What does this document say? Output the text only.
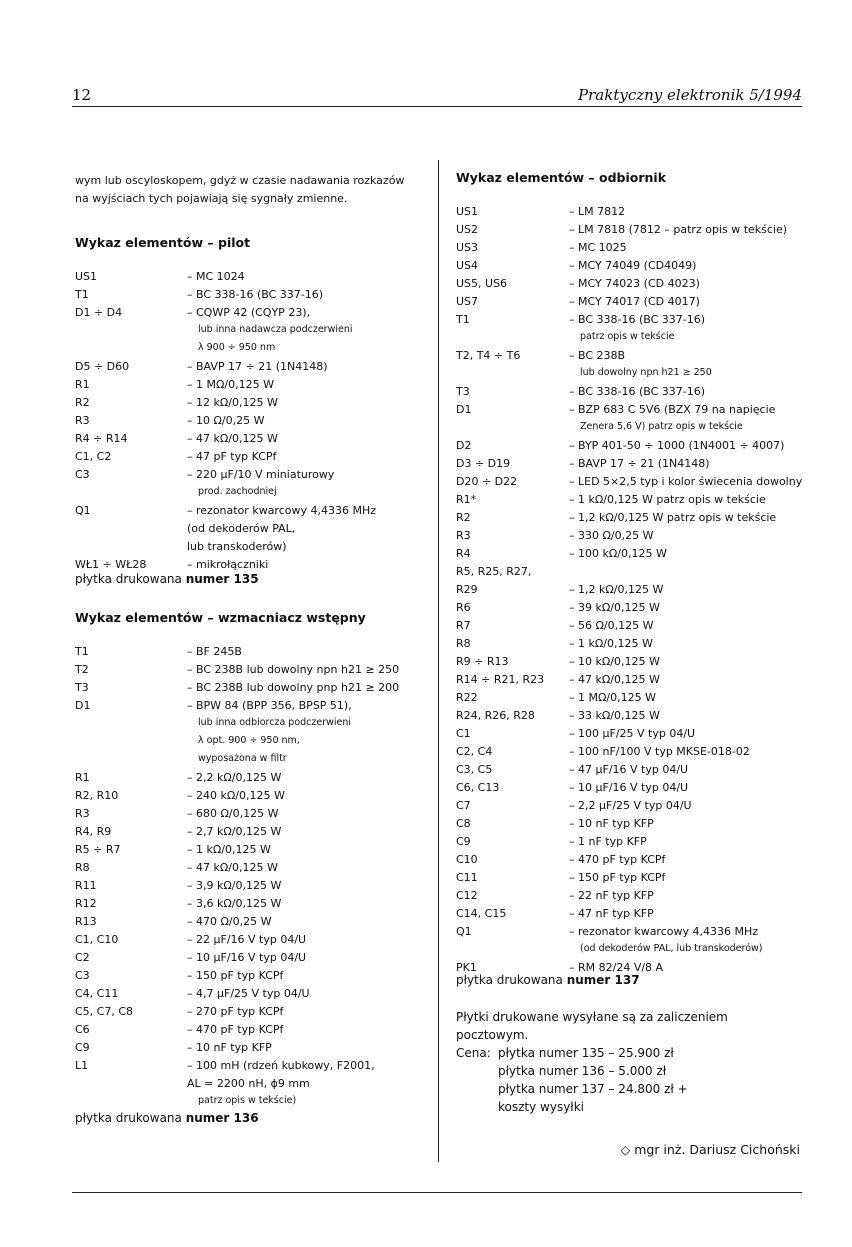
12	Praktyczny elektronik 5/1994
wym lub oscyloskopem, gdyż w czasie nadawania rozkazów na wyjściach tych pojawiają się sygnały zmienne.
Wykaz elementów – pilot
US1	– MC 1024
T1	– BC 338-16 (BC 337-16)
D1 ÷ D4	– CQWP 42 (CQYP 23),
lub inna nadawcza podczerwieni
λ 900 ÷ 950 nm
D5 ÷ D60	– BAVP 17 ÷ 21 (1N4148)
R1	– 1 MΩ/0,125 W
R2	– 12 kΩ/0,125 W
R3	– 10 Ω/0,25 W
R4 ÷ R14	– 47 kΩ/0,125 W
C1, C2	– 47 pF typ KCPf
C3	– 220 μF/10 V miniaturowy
prod. zachodniej
Q1	– rezonator kwarcowy 4,4336 MHz
(od dekoderów PAL,
lub transkoderów)
WŁ1 ÷ WŁ28	– mikrołączniki
płytka drukowana numer 135
Wykaz elementów – wzmacniacz wstępny
T1	– BF 245B
T2	– BC 238B lub dowolny npn h21 ≥ 250
T3	– BC 238B lub dowolny pnp h21 ≥ 200
D1	– BPW 84 (BPP 356, BPSP 51),
lub inna odbiorcza podczerwieni
λ opt. 900 ÷ 950 nm,
wyposażona w filtr
R1	– 2,2 kΩ/0,125 W
R2, R10	– 240 kΩ/0,125 W
R3	– 680 Ω/0,125 W
R4, R9	– 2,7 kΩ/0,125 W
R5 ÷ R7	– 1 kΩ/0,125 W
R8	– 47 kΩ/0,125 W
R11	– 3,9 kΩ/0,125 W
R12	– 3,6 kΩ/0,125 W
R13	– 470 Ω/0,25 W
C1, C10	– 22 μF/16 V typ 04/U
C2	– 10 μF/16 V typ 04/U
C3	– 150 pF typ KCPf
C4, C11	– 4,7 μF/25 V typ 04/U
C5, C7, C8	– 270 pF typ KCPf
C6	– 470 pF typ KCPf
C9	– 10 nF typ KFP
L1	– 100 mH (rdzeń kubkowy, F2001,
AL = 2200 nH, ϕ9 mm
patrz opis w tekście)
płytka drukowana numer 136
Wykaz elementów – odbiornik
US1	– LM 7812
US2	– LM 7818 (7812 – patrz opis w tekście)
US3	– MC 1025
US4	– MCY 74049 (CD4049)
US5, US6	– MCY 74023 (CD 4023)
US7	– MCY 74017 (CD 4017)
T1	– BC 338-16 (BC 337-16)
patrz opis w tekście
T2, T4 ÷ T6	– BC 238B
lub dowolny npn h21 ≥ 250
T3	– BC 338-16 (BC 337-16)
D1	– BZP 683 C 5V6 (BZX 79 na napięcie
Zenera 5,6 V) patrz opis w tekście
D2	– BYP 401-50 ÷ 1000 (1N4001 ÷ 4007)
D3 ÷ D19	– BAVP 17 ÷ 21 (1N4148)
D20 ÷ D22	– LED 5×2,5 typ i kolor świecenia dowolny
R1*	– 1 kΩ/0,125 W patrz opis w tekście
R2	– 1,2 kΩ/0,125 W patrz opis w tekście
R3	– 330 Ω/0,25 W
R4	– 100 kΩ/0,125 W
R5, R25, R27,
R29	– 1,2 kΩ/0,125 W
R6	– 39 kΩ/0,125 W
R7	– 56 Ω/0,125 W
R8	– 1 kΩ/0,125 W
R9 ÷ R13	– 10 kΩ/0,125 W
R14 ÷ R21, R23 – 47 kΩ/0,125 W
R22	– 1 MΩ/0,125 W
R24, R26, R28	– 33 kΩ/0,125 W
C1	– 100 μF/25 V typ 04/U
C2, C4	– 100 nF/100 V typ MKSE-018-02
C3, C5	– 47 μF/16 V typ 04/U
C6, C13	– 10 μF/16 V typ 04/U
C7	– 2,2 μF/25 V typ 04/U
C8	– 10 nF typ KFP
C9	– 1 nF typ KFP
C10	– 470 pF typ KCPf
C11	– 150 pF typ KCPf
C12	– 22 nF typ KFP
C14, C15	– 47 nF typ KFP
Q1	– rezonator kwarcowy 4,4336 MHz
(od dekoderów PAL, lub transkoderów)
PK1	– RM 82/24 V/8 A
płytka drukowana numer 137
Płytki drukowane wysyłane są za zaliczeniem
pocztowym.
Cena: płytka numer 135 – 25.900 zł
płytka numer 136 – 5.000 zł
płytka numer 137 – 24.800 zł + koszty wysyłki
◇ mgr inż. Dariusz Cichoński
